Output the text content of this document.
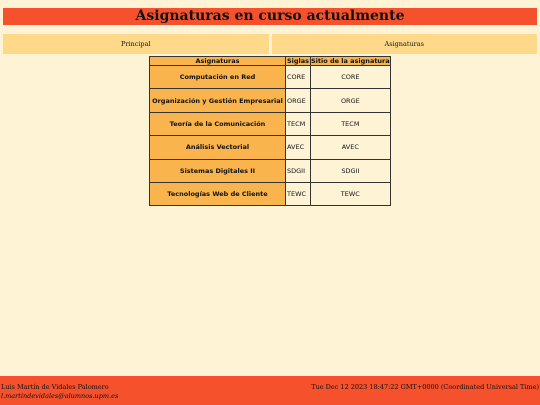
Asignaturas en curso actualmente
Principal	Asignaturas
Asignaturas	Siglas	Sitio de la asignatura
Computación en Red	CORE	CORE
Organización y Gestión Empresarial	ORGE	ORGE
Teoría de la Comunicación	TECM	TECM
Análisis Vectorial	AVEC	AVEC
Sistemas Digitales II	SDGII	SDGII
Tecnologías Web de Cliente	TEWC	TEWC
Luis Martín de Vidales Palomero
l.martindevidales@alumnos.upm.es
Tue Dec 12 2023 18:47:22 GMT+0000 (Coordinated Universal Time)
